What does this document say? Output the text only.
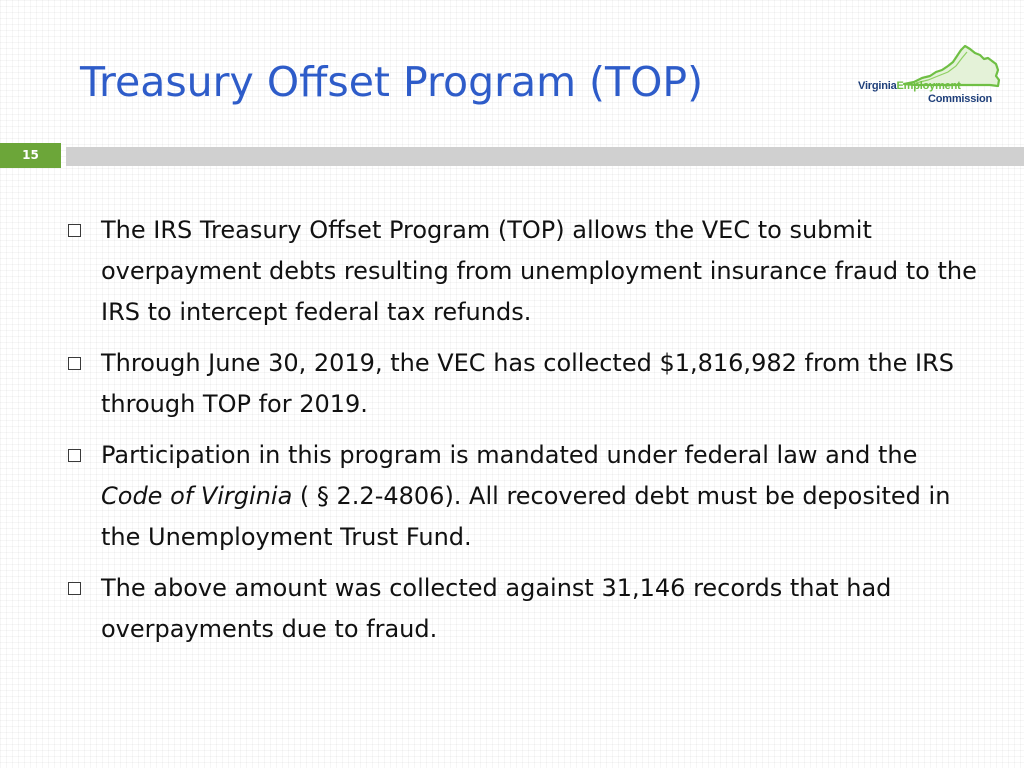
Treasury Offset Program (TOP)	VirginiaEmployment
Commission
15
The IRS Treasury Offset Program (TOP) allows the VEC to submit overpayment debts resulting from unemployment insurance fraud to the IRS to intercept federal tax refunds.
Through June 30, 2019, the VEC has collected $1,816,982 from the IRS through TOP for 2019.
Participation in this program is mandated under federal law and the Code of Virginia ( § 2.2-4806). All recovered debt must be deposited in the Unemployment Trust Fund.
The above amount was collected against 31,146 records that had overpayments due to fraud.
